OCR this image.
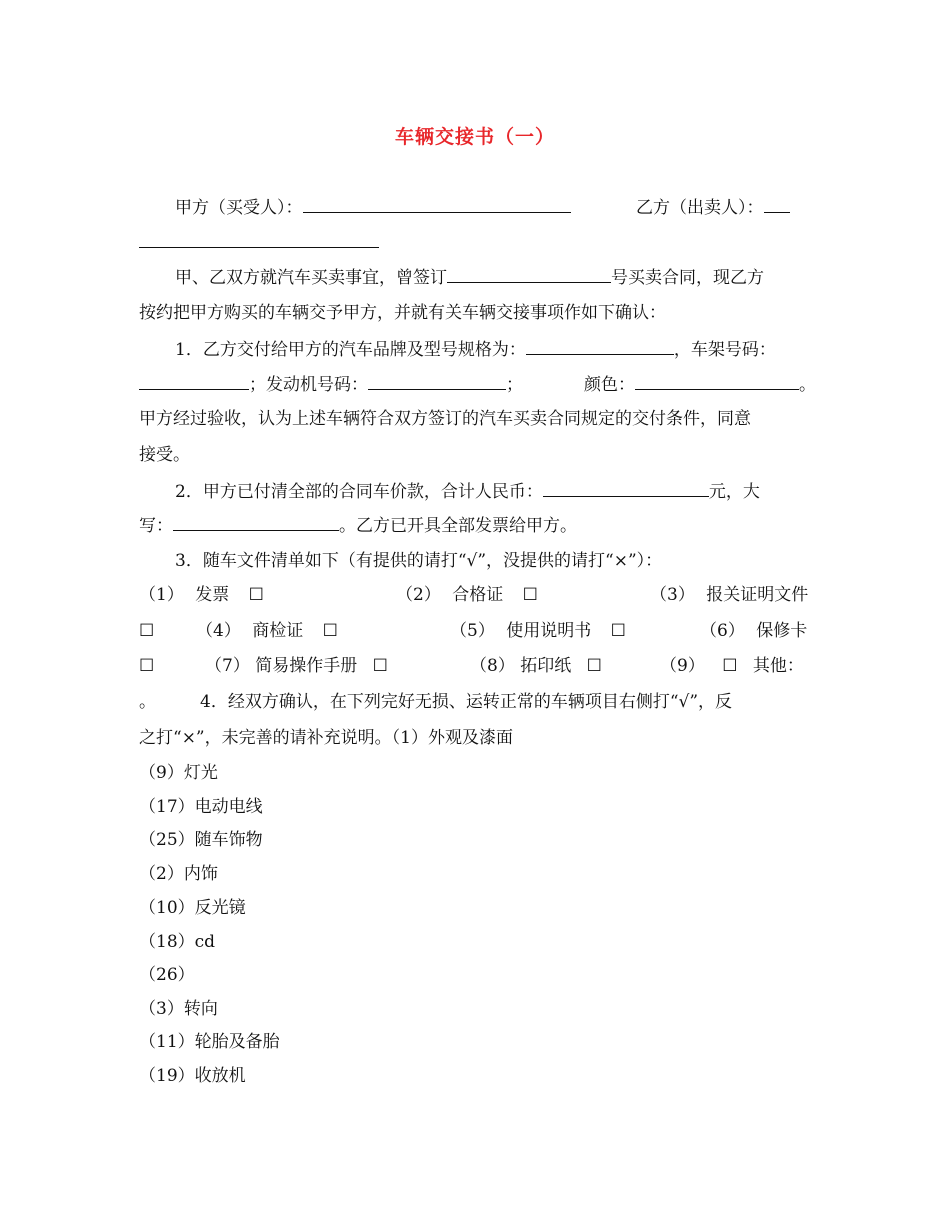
车辆交接书（一）
甲方（买受人）：	乙方（出卖人）：
甲、乙双方就汽车买卖事宜，曾签订	号买卖合同，现乙方
按约把甲方购买的车辆交予甲方，并就有关车辆交接事项作如下确认：
1．乙方交付给甲方的汽车品牌及型号规格为：	，车架号码：
；发动机号码：	；	颜色：	。
甲方经过验收，认为上述车辆符合双方签订的汽车买卖合同规定的交付条件，同意
接受。
2．甲方已付清全部的合同车价款，合计人民币：	元，大
写：	。乙方已开具全部发票给甲方。
3．随车文件清单如下（有提供的请打“√”，没提供的请打“×”）：
（1） 发票 ☐	（2） 合格证 ☐	（3） 报关证明文件
☐ （4） 商检证 ☐	（5） 使用说明书 ☐	（6） 保修卡
☐	（7） 简易操作手册 ☐	（8） 拓印纸 ☐	（9） ☐ 其他：
。	4．经双方确认，在下列完好无损、运转正常的车辆项目右侧打“√”，反
之打“×”，未完善的请补充说明。（1）外观及漆面
（9）灯光
（17）电动电线
（25）随车饰物
（2）内饰
（10）反光镜
（18）cd
（26）
（3）转向
（11）轮胎及备胎
（19）收放机
